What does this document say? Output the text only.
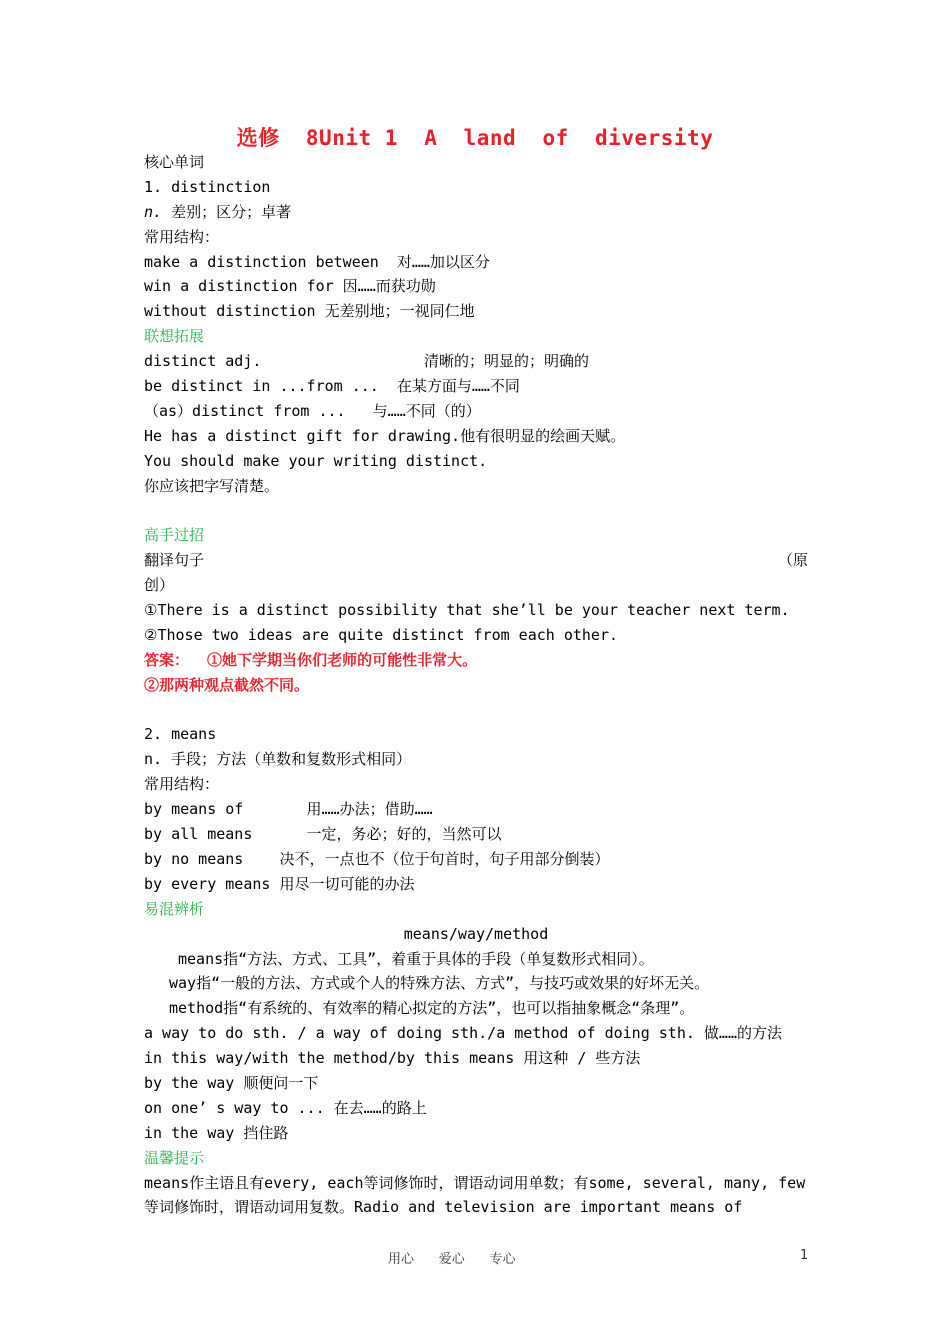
选修  8Unit 1  A  land  of  diversity
核心单词
1. distinction
n. 差别；区分；卓著
常用结构：
make a distinction between  对……加以区分
win a distinction for 因……而获功勋
without distinction 无差别地；一视同仁地
联想拓展
distinct adj.                  清晰的；明显的；明确的
be distinct in ...from ...  在某方面与……不同
（as）distinct from ...   与……不同（的）
He has a distinct gift for drawing.他有很明显的绘画天赋。
You should make your writing distinct.
你应该把字写清楚。
高手过招
翻译句子	（原
创）
①There is a distinct possibility that she’ll be your teacher next term.
②Those two ideas are quite distinct from each other.
答案：  ①她下学期当你们老师的可能性非常大。
②那两种观点截然不同。
2. means
n. 手段；方法（单数和复数形式相同）
常用结构：
by means of       用……办法；借助……
by all means      一定，务必；好的，当然可以
by no means    决不，一点也不（位于句首时，句子用部分倒装）
by every means 用尽一切可能的办法
易混辨析
means/way/method
means指“方法、方式、工具”，着重于具体的手段（单复数形式相同）。
way指“一般的方法、方式或个人的特殊方法、方式”，与技巧或效果的好坏无关。
method指“有系统的、有效率的精心拟定的方法”，也可以指抽象概念“条理”。
a way to do sth. / a way of doing sth./a method of doing sth. 做……的方法
in this way/with the method/by this means 用这种 / 些方法
by the way 顺便问一下
on one’ s way to ... 在去……的路上
in the way 挡住路
温馨提示
means作主语且有every, each等词修饰时，谓语动词用单数；有some, several, many, few
等词修饰时，谓语动词用复数。Radio and television are important means of
用心      爱心      专心	1
